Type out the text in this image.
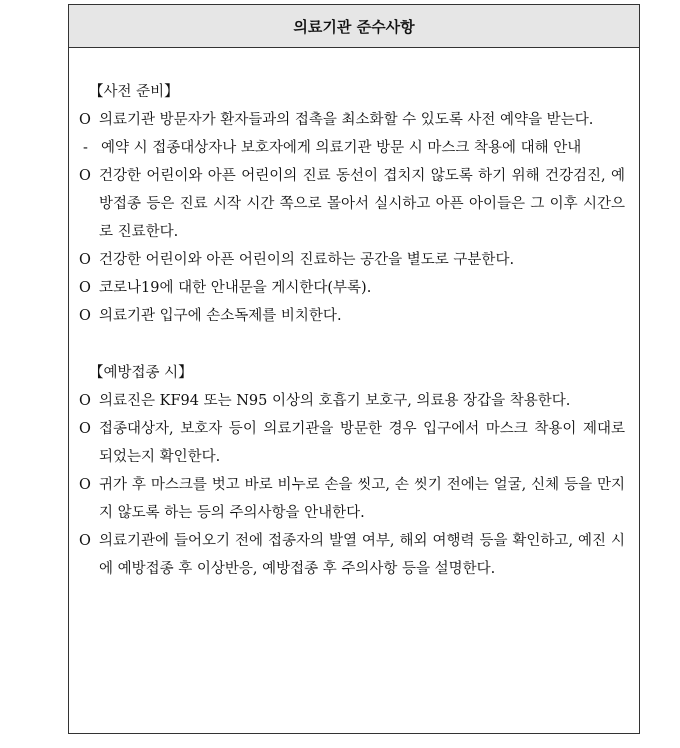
의료기관 준수사항
【사전 준비】
O 의료기관 방문자가 환자들과의 접촉을 최소화할 수 있도록 사전 예약을 받는다.
- 예약 시 접종대상자나 보호자에게 의료기관 방문 시 마스크 착용에 대해 안내
O 건강한 어린이와 아픈 어린이의 진료 동선이 겹치지 않도록 하기 위해 건강검진, 예방접종 등은 진료 시작 시간 쪽으로 몰아서 실시하고 아픈 아이들은 그 이후 시간으로 진료한다.
O 건강한 어린이와 아픈 어린이의 진료하는 공간을 별도로 구분한다.
O 코로나19에 대한 안내문을 게시한다(부록).
O 의료기관 입구에 손소독제를 비치한다.
【예방접종 시】
O 의료진은 KF94 또는 N95 이상의 호흡기 보호구, 의료용 장갑을 착용한다.
O 접종대상자, 보호자 등이 의료기관을 방문한 경우 입구에서 마스크 착용이 제대로 되었는지 확인한다.
O 귀가 후 마스크를 벗고 바로 비누로 손을 씻고, 손 씻기 전에는 얼굴, 신체 등을 만지지 않도록 하는 등의 주의사항을 안내한다.
O 의료기관에 들어오기 전에 접종자의 발열 여부, 해외 여행력 등을 확인하고, 예진 시에 예방접종 후 이상반응, 예방접종 후 주의사항 등을 설명한다.
